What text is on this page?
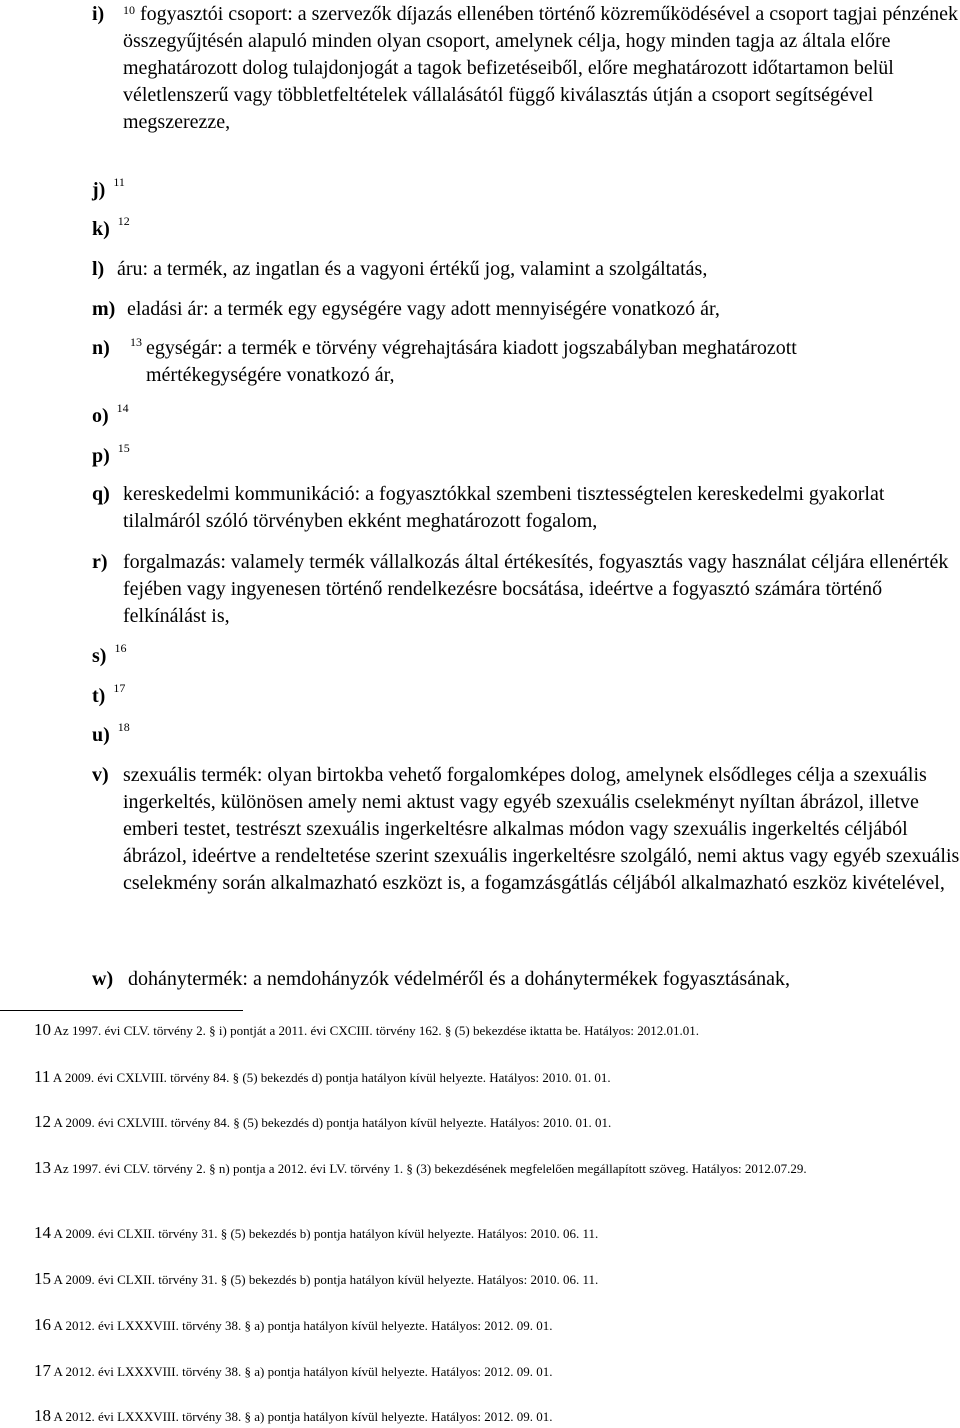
i) $^{10}$ fogyasztói csoport: a szervezők díjazás ellenében történő közreműködésével a csoport tagjai pénzének összegyűjtésén alapuló minden olyan csoport, amelynek célja, hogy minden tagja az általa előre meghatározott dolog tulajdonjogát a tagok befizetéseiből, előre meghatározott időtartamon belül véletlenszerű vagy többletfeltételek vállalásától függő kiválasztás útján a csoport segítségével megszerezze,
j) $^{11}$
k) $^{12}$
l) áru: a termék, az ingatlan és a vagyoni értékű jog, valamint a szolgáltatás,
m) eladási ár: a termék egy egységére vagy adott mennyiségére vonatkozó ár,
n) 13 egységár: a termék e törvény végrehajtására kiadott jogszabályban meghatározott mértékegységére vonatkozó ár,
o) $^{14}$
p) $^{15}$
q) kereskedelmi kommunikáció: a fogyasztókkal szembeni tisztességtelen kereskedelmi gyakorlat tilalmáról szóló törvényben ekként meghatározott fogalom,
r) forgalmazás: valamely termék vállalkozás által értékesítés, fogyasztás vagy használat céljára ellenérték fejében vagy ingyenesen történő rendelkezésre bocsátása, ideértve a fogyasztó számára történő felkínálást is,
s) $^{16}$
t) $^{17}$
u) $^{18}$
v) szexuális termék: olyan birtokba vehető forgalomképes dolog, amelynek elsődleges célja a szexuális ingerkeltés, különösen amely nemi aktust vagy egyéb szexuális cselekményt nyíltan ábrázol, illetve emberi testet, testrészt szexuális ingerkeltésre alkalmas módon vagy szexuális ingerkeltés céljából ábrázol, ideértve a rendeltetése szerint szexuális ingerkeltésre szolgáló, nemi aktus vagy egyéb szexuális cselekmény során alkalmazható eszközt is, a fogamzásgátlás céljából alkalmazható eszköz kivételével,
w) dohánytermék: a nemdohányzók védelméről és a dohánytermékek fogyasztásának,
10 Az 1997. évi CLV. törvény 2. § i) pontját a 2011. évi CXCIII. törvény 162. § (5) bekezdése iktatta be. Hatályos: 2012.01.01.
11 A 2009. évi CXLVIII. törvény 84. § (5) bekezdés d) pontja hatályon kívül helyezte. Hatályos: 2010. 01. 01.
12 A 2009. évi CXLVIII. törvény 84. § (5) bekezdés d) pontja hatályon kívül helyezte. Hatályos: 2010. 01. 01.
13 Az 1997. évi CLV. törvény 2. § n) pontja a 2012. évi LV. törvény 1. § (3) bekezdésének megfelelően megállapított szöveg. Hatályos: 2012.07.29.
14 A 2009. évi CLXII. törvény 31. § (5) bekezdés b) pontja hatályon kívül helyezte. Hatályos: 2010. 06. 11.
15 A 2009. évi CLXII. törvény 31. § (5) bekezdés b) pontja hatályon kívül helyezte. Hatályos: 2010. 06. 11.
16 A 2012. évi LXXXVIII. törvény 38. § a) pontja hatályon kívül helyezte. Hatályos: 2012. 09. 01.
17 A 2012. évi LXXXVIII. törvény 38. § a) pontja hatályon kívül helyezte. Hatályos: 2012. 09. 01.
18 A 2012. évi LXXXVIII. törvény 38. § a) pontja hatályon kívül helyezte. Hatályos: 2012. 09. 01.
